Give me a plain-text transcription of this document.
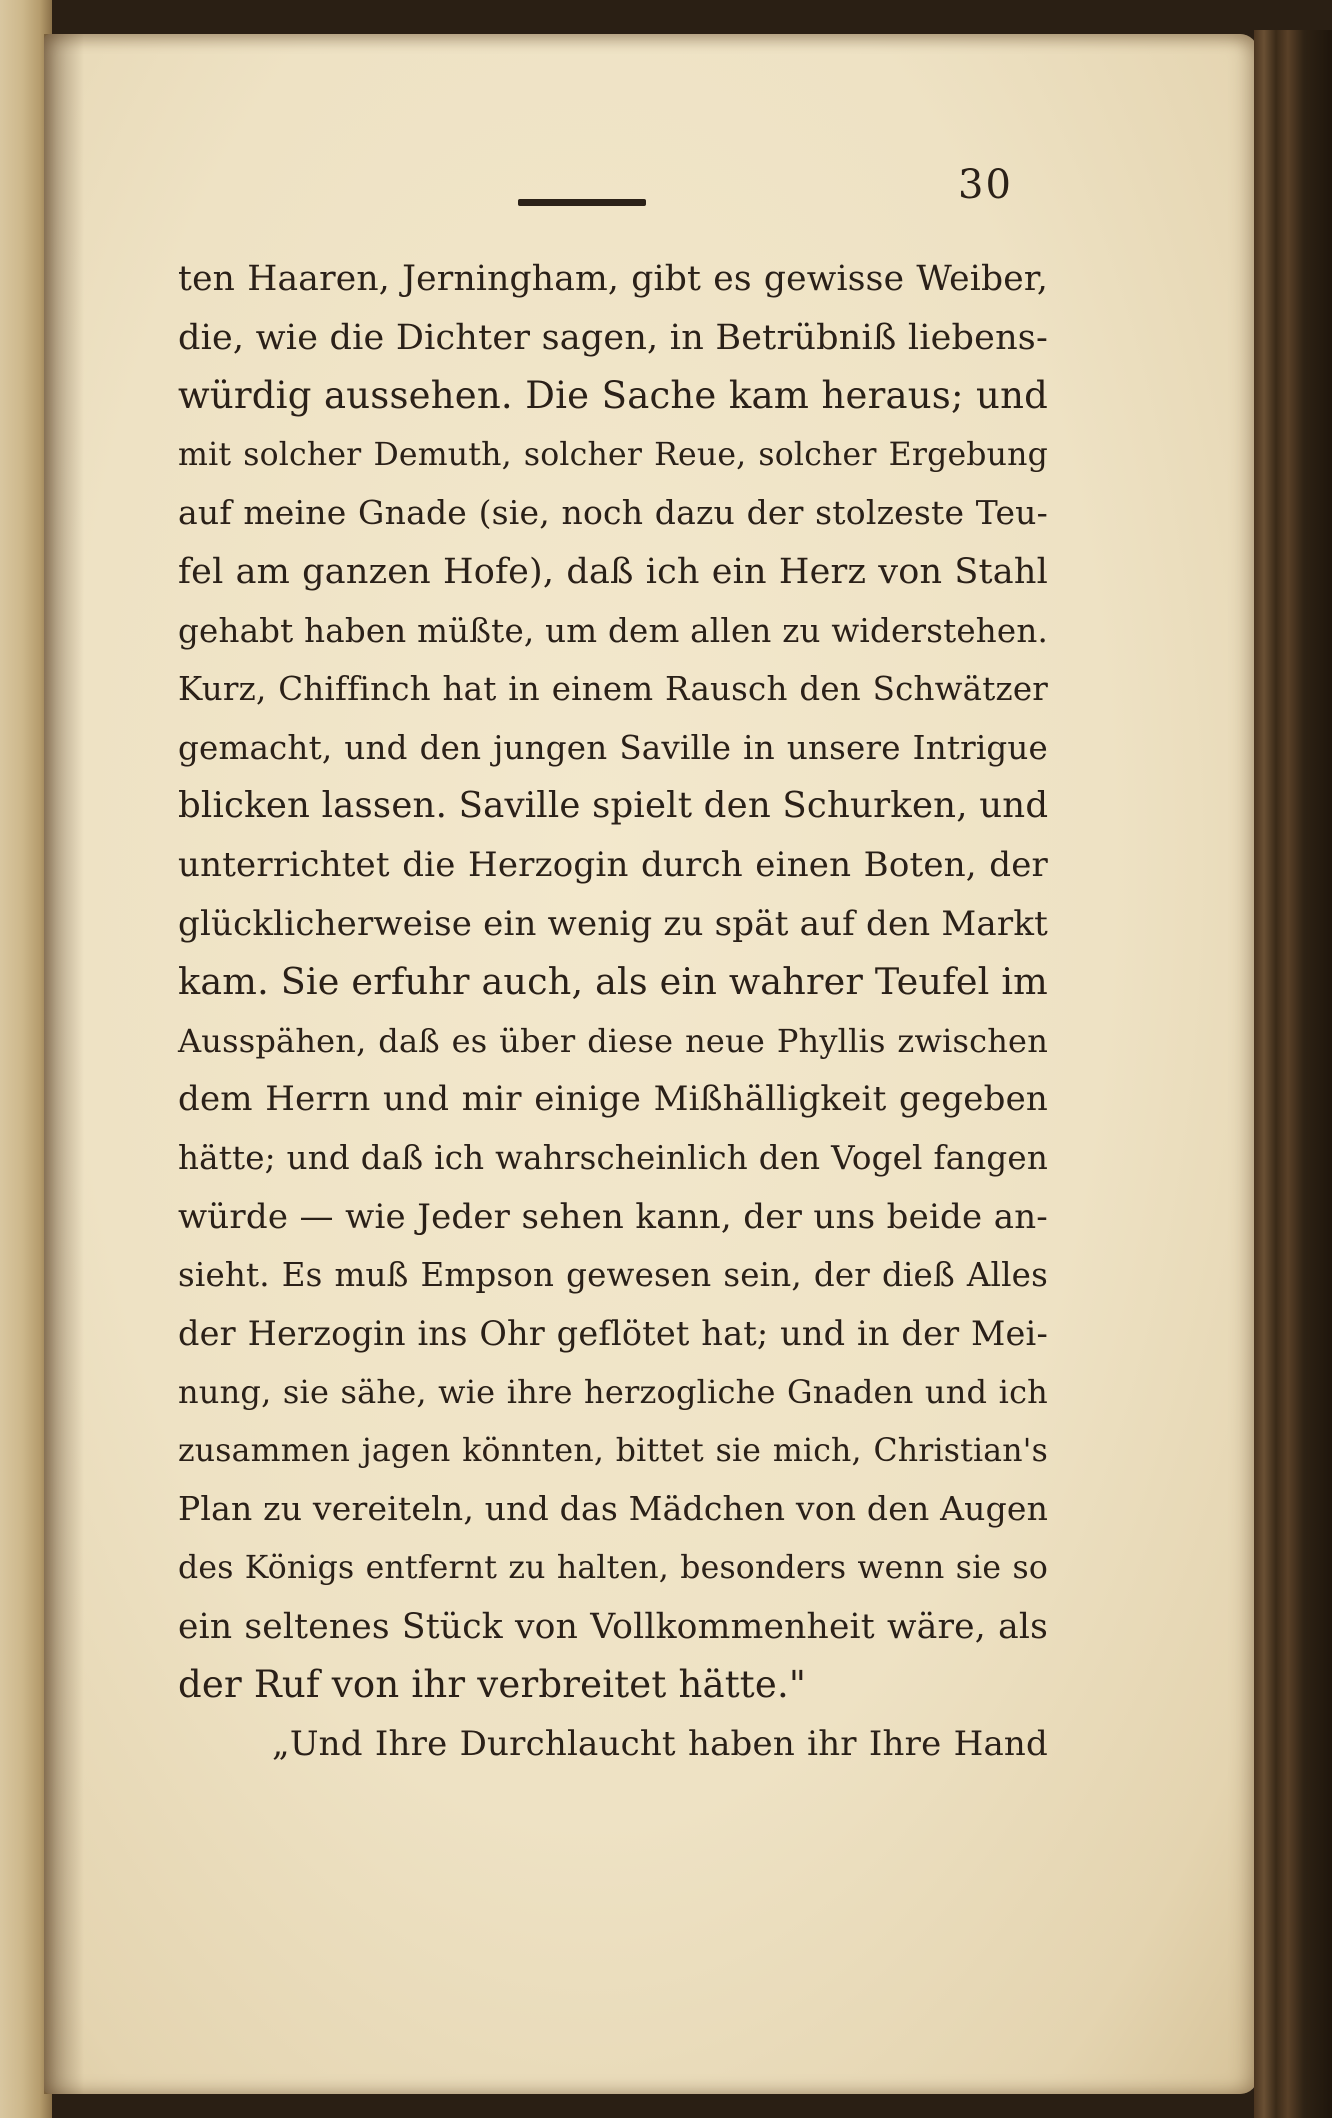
30
ten Haaren, Jerningham, gibt es gewisse Weiber,
die, wie die Dichter sagen, in Betrübniß liebens-
würdig aussehen. Die Sache kam heraus; und
mit solcher Demuth, solcher Reue, solcher Ergebung
auf meine Gnade (sie, noch dazu der stolzeste Teu-
fel am ganzen Hofe), daß ich ein Herz von Stahl
gehabt haben müßte, um dem allen zu widerstehen.
Kurz, Chiffinch hat in einem Rausch den Schwätzer
gemacht, und den jungen Saville in unsere Intrigue
blicken lassen. Saville spielt den Schurken, und
unterrichtet die Herzogin durch einen Boten, der
glücklicherweise ein wenig zu spät auf den Markt
kam. Sie erfuhr auch, als ein wahrer Teufel im
Ausspähen, daß es über diese neue Phyllis zwischen
dem Herrn und mir einige Mißhälligkeit gegeben
hätte; und daß ich wahrscheinlich den Vogel fangen
würde — wie Jeder sehen kann, der uns beide an-
sieht. Es muß Empson gewesen sein, der dieß Alles
der Herzogin ins Ohr geflötet hat; und in der Mei-
nung, sie sähe, wie ihre herzogliche Gnaden und ich
zusammen jagen könnten, bittet sie mich, Christian's
Plan zu vereiteln, und das Mädchen von den Augen
des Königs entfernt zu halten, besonders wenn sie so
ein seltenes Stück von Vollkommenheit wäre, als
der Ruf von ihr verbreitet hätte."
„Und Ihre Durchlaucht haben ihr Ihre Hand
